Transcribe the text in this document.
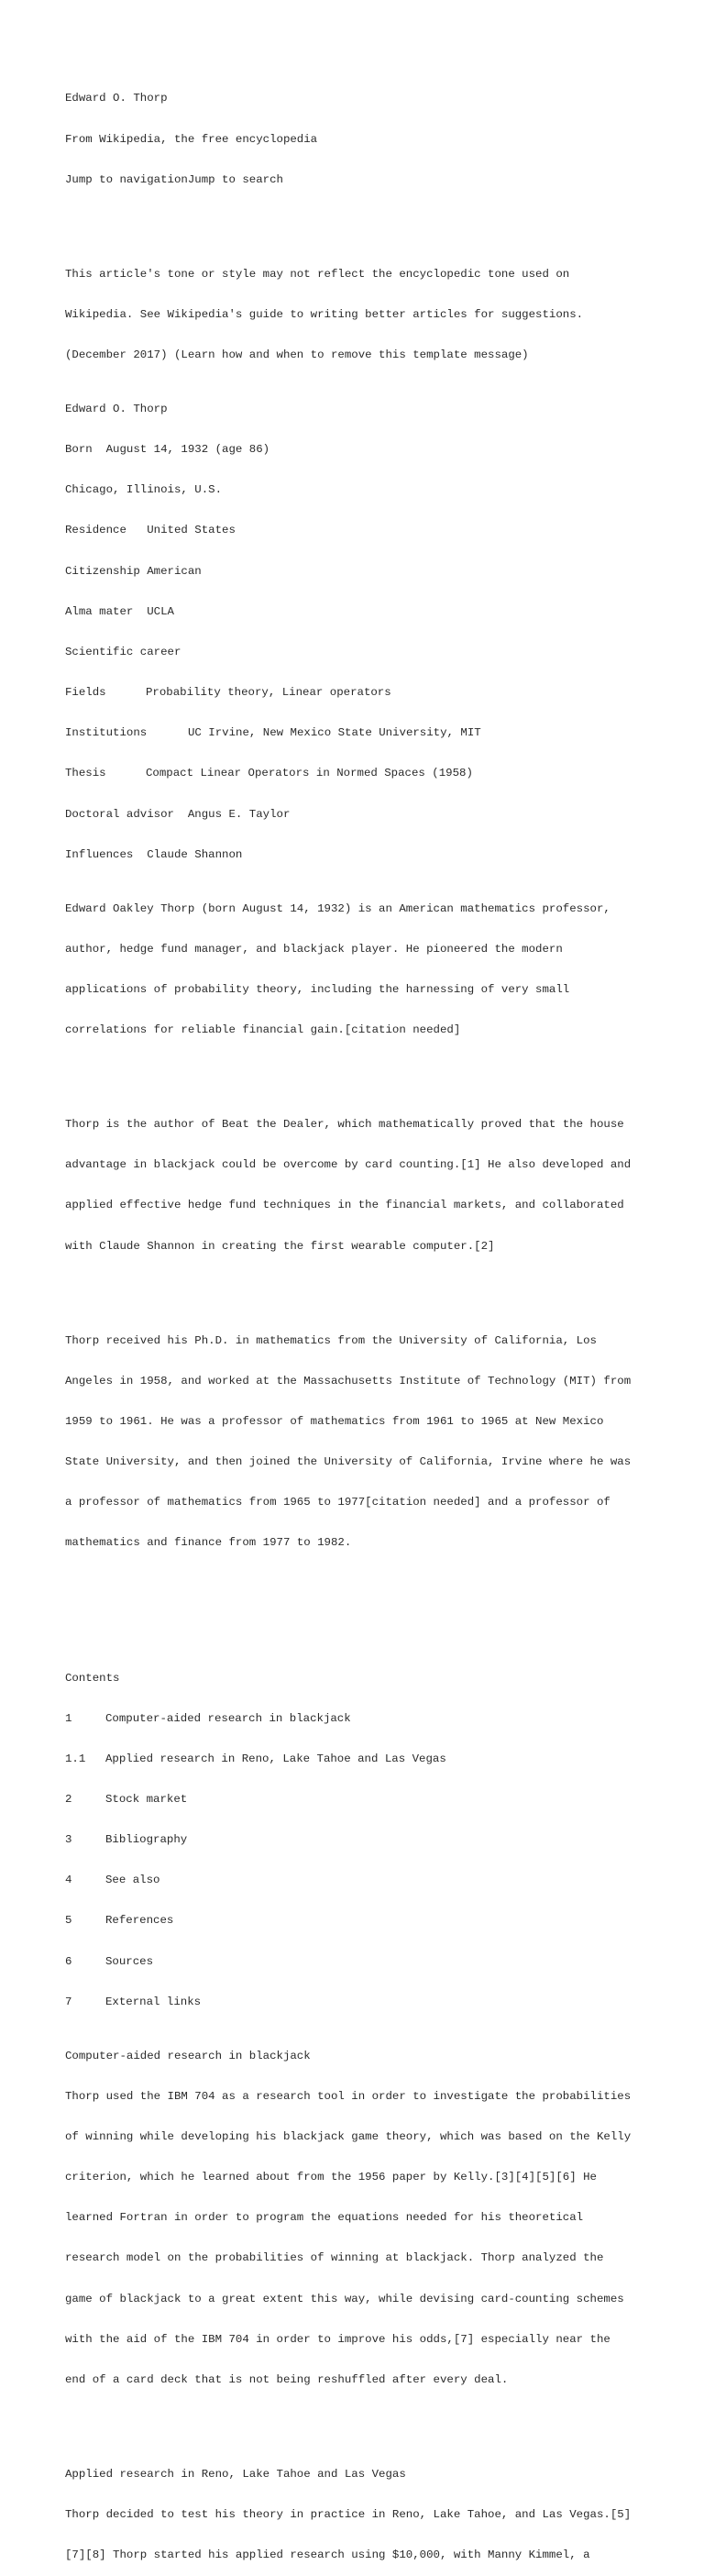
Edward O. Thorp

From Wikipedia, the free encyclopedia

Jump to navigationJump to search

This article's tone or style may not reflect the encyclopedic tone used on

Wikipedia. See Wikipedia's guide to writing better articles for suggestions.

(December 2017) (Learn how and when to remove this template message)

Edward O. Thorp

Born August 14, 1932 (age 86)

Chicago, Illinois, U.S.

Residence United States

Citizenship American

Alma mater UCLA

Scientific career

Fields	Probability theory, Linear operators

Institutions	UC Irvine, New Mexico State University, MIT

Thesis	Compact Linear Operators in Normed Spaces (1958)

Doctoral advisor Angus E. Taylor

Influences Claude Shannon

Edward Oakley Thorp (born August 14, 1932) is an American mathematics professor,

author, hedge fund manager, and blackjack player. He pioneered the modern

applications of probability theory, including the harnessing of very small

correlations for reliable financial gain.[citation needed]

Thorp is the author of Beat the Dealer, which mathematically proved that the house

advantage in blackjack could be overcome by card counting.[1] He also developed and

applied effective hedge fund techniques in the financial markets, and collaborated

with Claude Shannon in creating the first wearable computer.[2]

Thorp received his Ph.D. in mathematics from the University of California, Los

Angeles in 1958, and worked at the Massachusetts Institute of Technology (MIT) from

1959 to 1961. He was a professor of mathematics from 1961 to 1965 at New Mexico

State University, and then joined the University of California, Irvine where he was

a professor of mathematics from 1965 to 1977[citation needed] and a professor of

mathematics and finance from 1977 to 1982.

Contents

1	Computer-aided research in blackjack

1.1 Applied research in Reno, Lake Tahoe and Las Vegas

2	Stock market

3	Bibliography

4	See also

5	References

6	Sources

7	External links

Computer-aided research in blackjack

Thorp used the IBM 704 as a research tool in order to investigate the probabilities

of winning while developing his blackjack game theory, which was based on the Kelly

criterion, which he learned about from the 1956 paper by Kelly.[3][4][5][6] He

learned Fortran in order to program the equations needed for his theoretical

research model on the probabilities of winning at blackjack. Thorp analyzed the

game of blackjack to a great extent this way, while devising card-counting schemes

with the aid of the IBM 704 in order to improve his odds,[7] especially near the

end of a card deck that is not being reshuffled after every deal.

Applied research in Reno, Lake Tahoe and Las Vegas

Thorp decided to test his theory in practice in Reno, Lake Tahoe, and Las Vegas.[5]

[7][8] Thorp started his applied research using $10,000, with Manny Kimmel, a
